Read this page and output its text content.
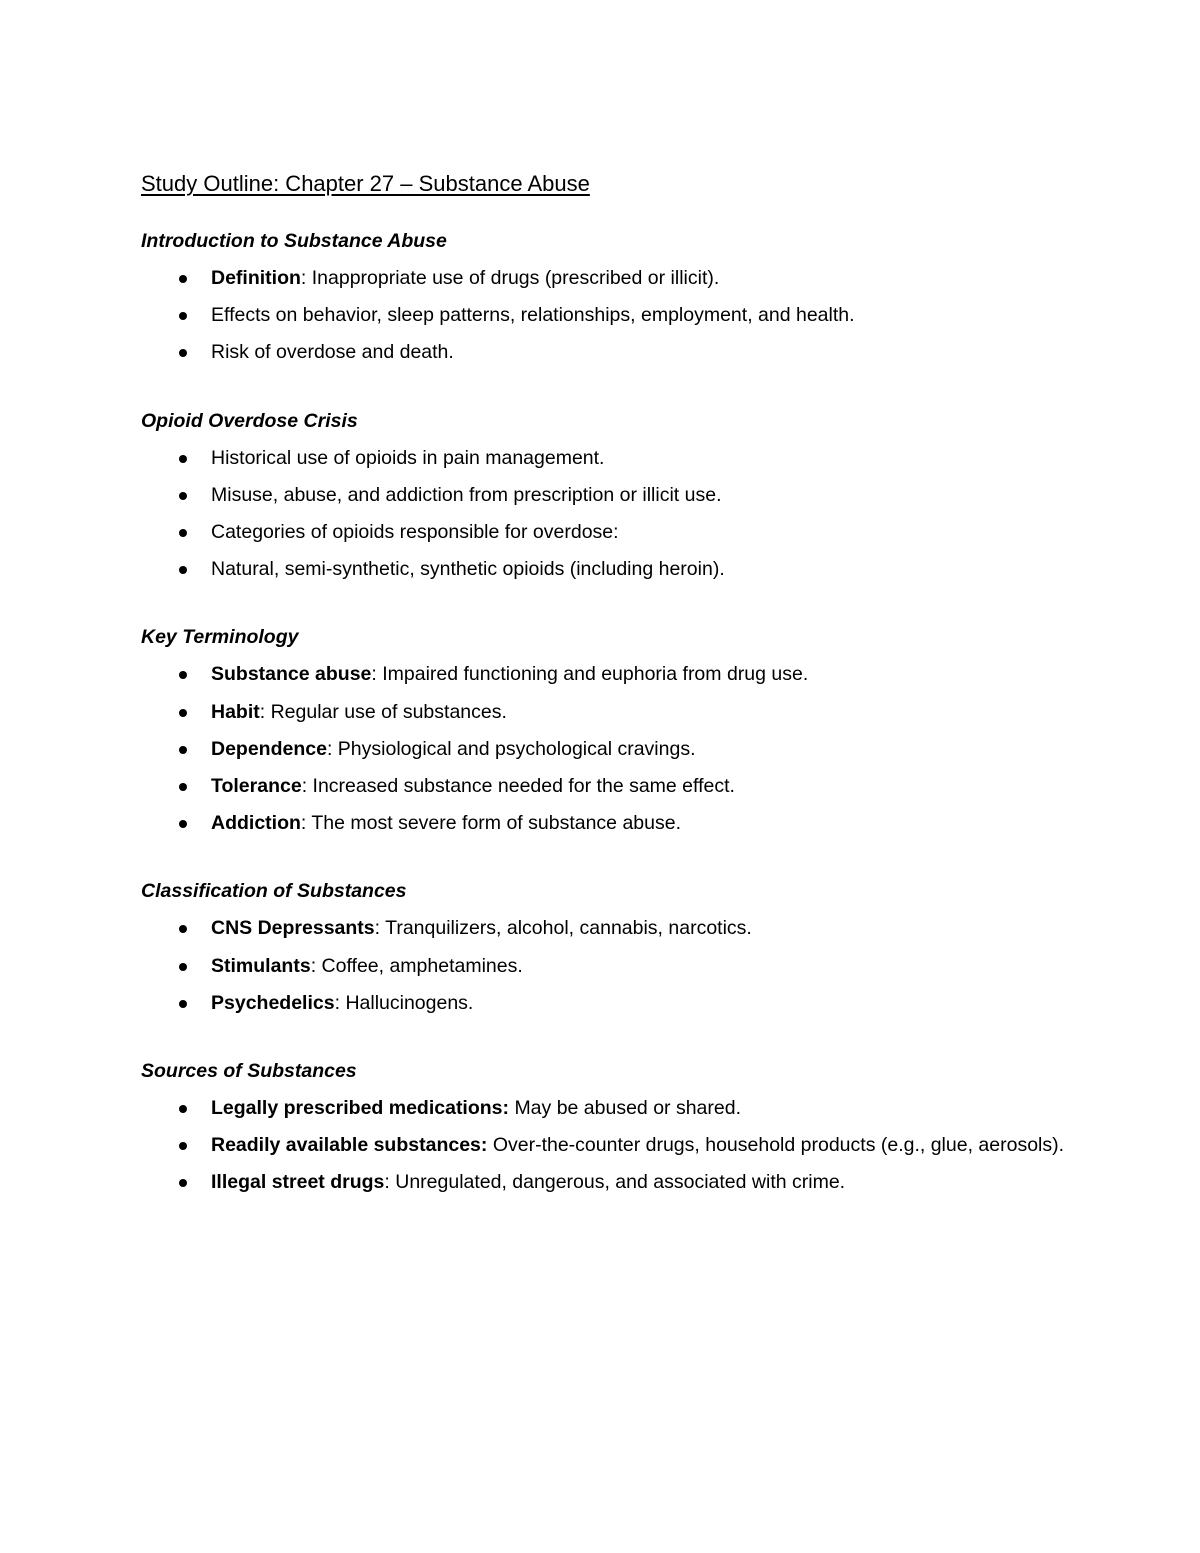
Study Outline: Chapter 27 – Substance Abuse
Introduction to Substance Abuse
Definition: Inappropriate use of drugs (prescribed or illicit).
Effects on behavior, sleep patterns, relationships, employment, and health.
Risk of overdose and death.
Opioid Overdose Crisis
Historical use of opioids in pain management.
Misuse, abuse, and addiction from prescription or illicit use.
Categories of opioids responsible for overdose:
Natural, semi-synthetic, synthetic opioids (including heroin).
Key Terminology
Substance abuse: Impaired functioning and euphoria from drug use.
Habit: Regular use of substances.
Dependence: Physiological and psychological cravings.
Tolerance: Increased substance needed for the same effect.
Addiction: The most severe form of substance abuse.
Classification of Substances
CNS Depressants: Tranquilizers, alcohol, cannabis, narcotics.
Stimulants: Coffee, amphetamines.
Psychedelics: Hallucinogens.
Sources of Substances
Legally prescribed medications: May be abused or shared.
Readily available substances: Over-the-counter drugs, household products (e.g., glue, aerosols).
Illegal street drugs: Unregulated, dangerous, and associated with crime.
